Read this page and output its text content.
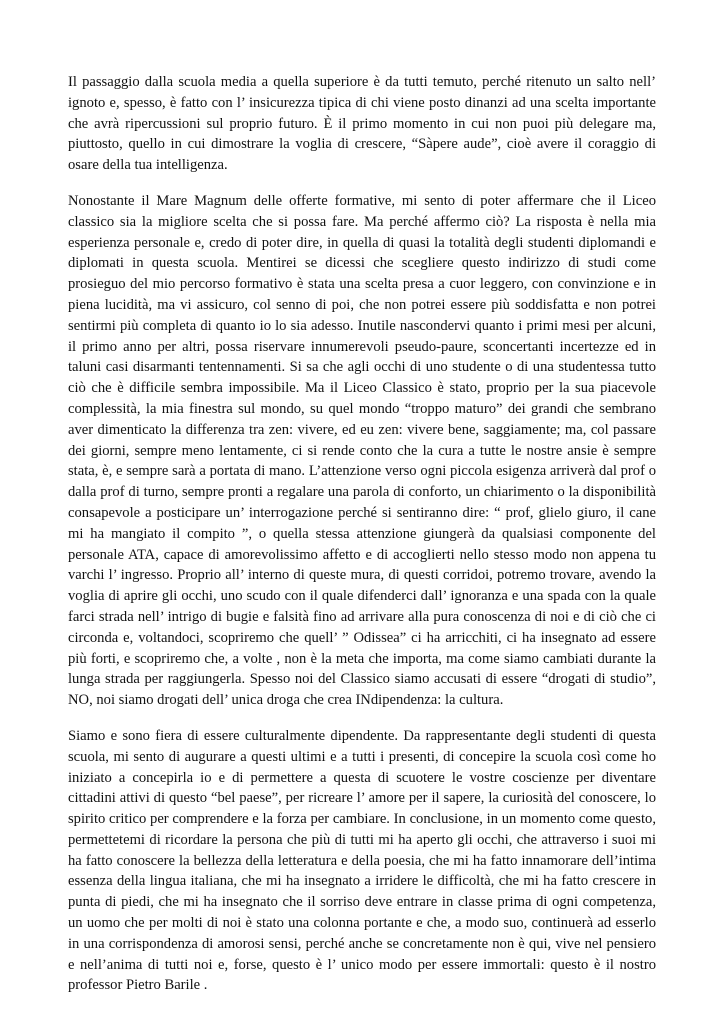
Il passaggio dalla scuola media a quella superiore è da tutti temuto, perché ritenuto un salto nell’ ignoto e, spesso, è fatto con l’ insicurezza tipica di chi viene posto dinanzi ad una scelta importante che avrà ripercussioni sul proprio futuro. È il primo momento in cui non puoi più delegare ma, piuttosto, quello in cui dimostrare la voglia di crescere, “Sàpere aude”, cioè avere il coraggio di osare della tua intelligenza.

Nonostante il Mare Magnum delle offerte formative, mi sento di poter affermare che il Liceo classico sia la migliore scelta che si possa fare. Ma perché affermo ciò? La risposta è nella mia esperienza personale e, credo di poter dire, in quella di quasi la totalità degli studenti diplomandi e diplomati in questa scuola. Mentirei se dicessi che scegliere questo indirizzo di studi come prosieguo del mio percorso formativo è stata una scelta presa a cuor leggero, con convinzione e in piena lucidità, ma vi assicuro, col senno di poi, che non potrei essere più soddisfatta e non potrei sentirmi più completa di quanto io lo sia adesso. Inutile nascondervi quanto i primi mesi per alcuni, il primo anno per altri, possa riservare innumerevoli pseudo-paure, sconcertanti incertezze ed in taluni casi disarmanti tentennamenti. Si sa che agli occhi di uno studente o di una studentessa tutto ciò che è difficile sembra impossibile. Ma il Liceo Classico è stato, proprio per la sua piacevole complessità, la mia finestra sul mondo, su quel mondo “troppo maturo” dei grandi che sembrano aver dimenticato la differenza tra zen: vivere, ed eu zen: vivere bene, saggiamente; ma, col passare dei giorni, sempre meno lentamente, ci si rende conto che la cura a tutte le nostre ansie è sempre stata, è, e sempre sarà a portata di mano. L’attenzione verso ogni piccola esigenza arriverà dal prof o dalla prof di turno, sempre pronti a regalare una parola di conforto, un chiarimento o la disponibilità consapevole a posticipare un’ interrogazione perché si sentiranno dire: “ prof, glielo giuro, il cane mi ha mangiato il compito ”, o quella stessa attenzione giungerà da qualsiasi componente del personale ATA, capace di amorevolissimo affetto e di accoglierti nello stesso modo non appena tu varchi l’ ingresso. Proprio all’ interno di queste mura, di questi corridoi, potremo trovare, avendo la voglia di aprire gli occhi, uno scudo con il quale difenderci dall’ ignoranza e una spada con la quale farci strada nell’ intrigo di bugie e falsità fino ad arrivare alla pura conoscenza di noi e di ciò che ci circonda e, voltandoci, scopriremo che quell’ ” Odissea” ci ha arricchiti, ci ha insegnato ad essere più forti, e scopriremo che, a volte , non è la meta che importa, ma come siamo cambiati durante la lunga strada per raggiungerla. Spesso noi del Classico siamo accusati di essere “drogati di studio”, NO, noi siamo drogati dell’ unica droga che crea INdipendenza: la cultura.

Siamo e sono fiera di essere culturalmente dipendente. Da rappresentante degli studenti di questa scuola, mi sento di augurare a questi ultimi e a tutti i presenti, di concepire la scuola così come ho iniziato a concepirla io e di permettere a questa di scuotere le vostre coscienze per diventare cittadini attivi di questo “bel paese”, per ricreare l’ amore per il sapere, la curiosità del conoscere, lo spirito critico per comprendere e la forza per cambiare. In conclusione, in un momento come questo, permettetemi di ricordare la persona che più di tutti mi ha aperto gli occhi, che attraverso i suoi mi ha fatto conoscere la bellezza della letteratura e della poesia, che mi ha fatto innamorare dell’intima essenza della lingua italiana, che mi ha insegnato a irridere le difficoltà, che mi ha fatto crescere in punta di piedi, che mi ha insegnato che il sorriso deve entrare in classe prima di ogni competenza, un uomo che per molti di noi è stato una colonna portante e che, a modo suo, continuerà ad esserlo in una corrispondenza di amorosi sensi, perché anche se concretamente non è qui, vive nel pensiero e nell’anima di tutti noi e, forse, questo è l’ unico modo per essere immortali: questo è il nostro professor Pietro Barile .
